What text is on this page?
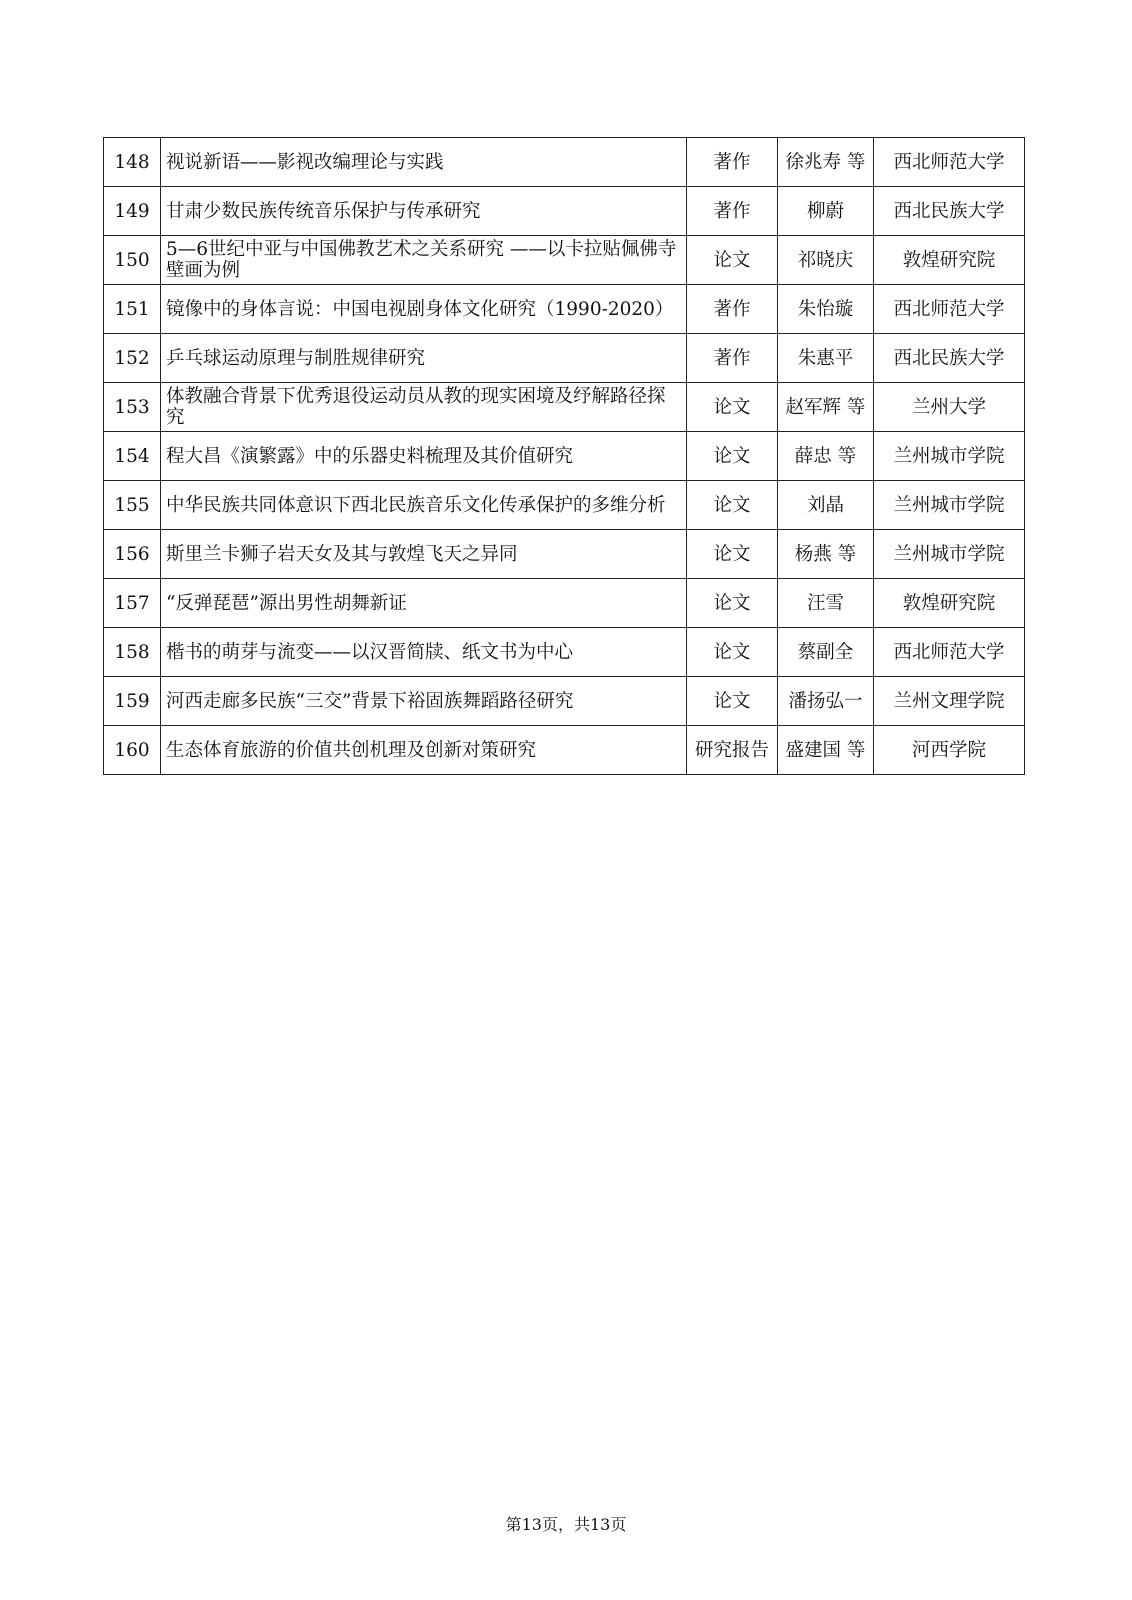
148	视说新语——影视改编理论与实践	著作	徐兆寿 等	西北师范大学
149	甘肃少数民族传统音乐保护与传承研究	著作	柳蔚	西北民族大学
150	5—6世纪中亚与中国佛教艺术之关系研究 ——以卡拉贴佩佛寺壁画为例	论文	祁晓庆	敦煌研究院
151	镜像中的身体言说：中国电视剧身体文化研究（1990-2020）	著作	朱怡璇	西北师范大学
152	乒乓球运动原理与制胜规律研究	著作	朱惠平	西北民族大学
153	体教融合背景下优秀退役运动员从教的现实困境及纾解路径探究	论文	赵军辉 等	兰州大学
154	程大昌《演繁露》中的乐器史料梳理及其价值研究	论文	薛忠 等	兰州城市学院
155	中华民族共同体意识下西北民族音乐文化传承保护的多维分析	论文	刘晶	兰州城市学院
156	斯里兰卡狮子岩天女及其与敦煌飞天之异同	论文	杨燕 等	兰州城市学院
157	“反弹琵琶”源出男性胡舞新证	论文	汪雪	敦煌研究院
158	楷书的萌芽与流变——以汉晋简牍、纸文书为中心	论文	蔡副全	西北师范大学
159	河西走廊多民族“三交”背景下裕固族舞蹈路径研究	论文	潘扬弘一	兰州文理学院
160	生态体育旅游的价值共创机理及创新对策研究	研究报告	盛建国 等	河西学院
第13页，共13页
